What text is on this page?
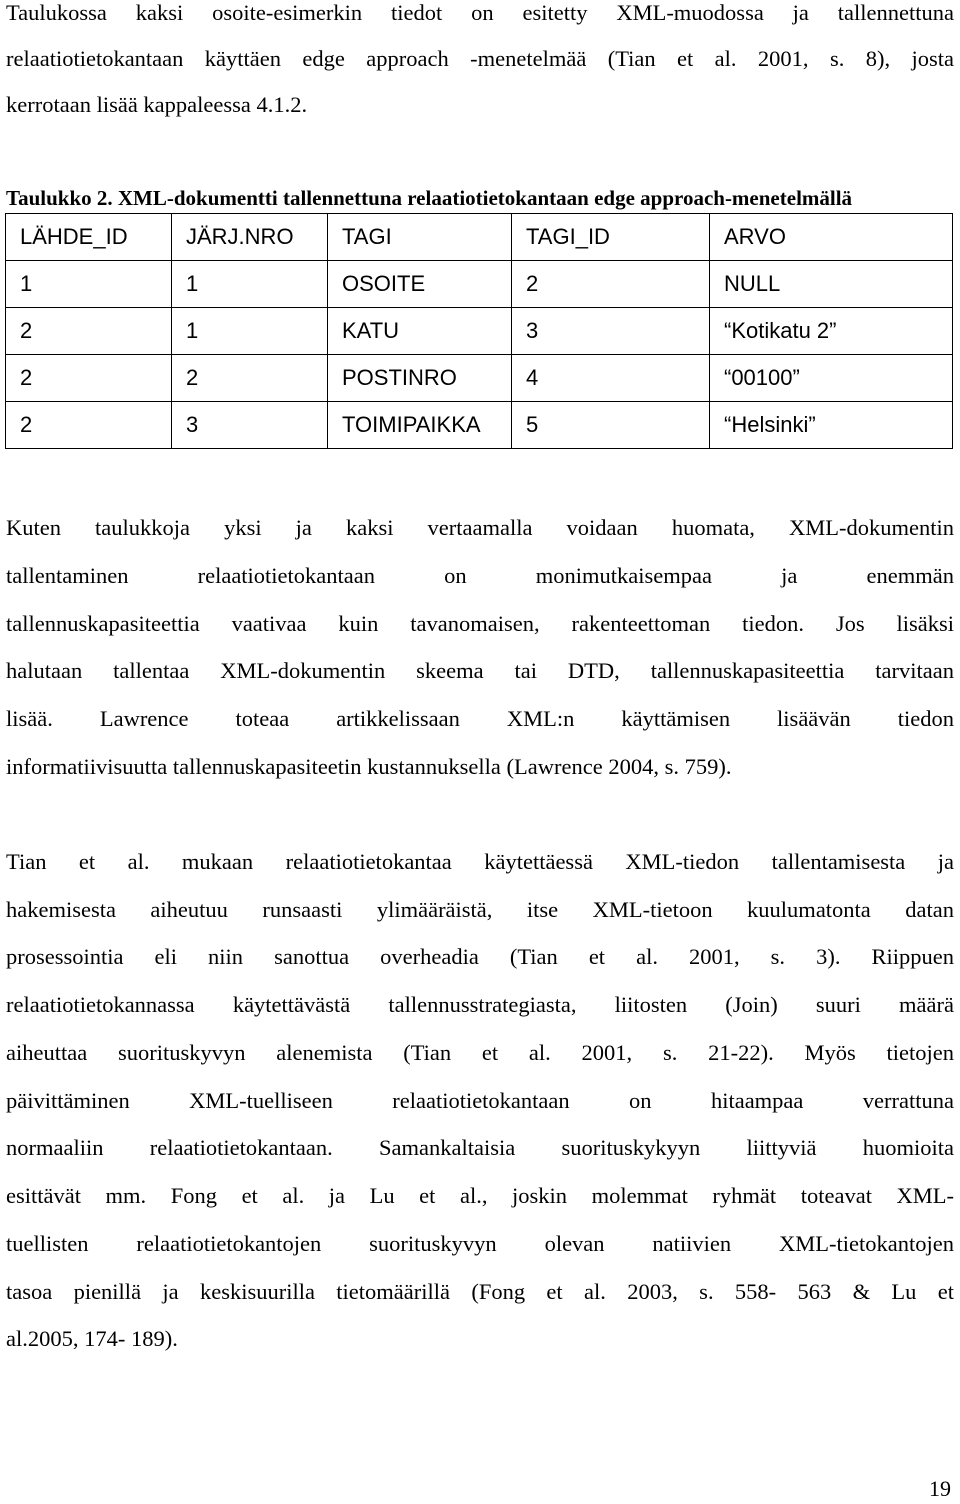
Taulukossa kaksi osoite-esimerkin tiedot on esitetty XML-muodossa ja tallennettuna
relaatiotietokantaan käyttäen edge approach -menetelmää (Tian et al. 2001, s. 8), josta
kerrotaan lisää kappaleessa 4.1.2.
Taulukko 2. XML-dokumentti tallennettuna relaatiotietokantaan edge approach-menetelmällä
LÄHDE_ID	JÄRJ.NRO	TAGI	TAGI_ID	ARVO
1	1	OSOITE	2	NULL
2	1	KATU	3	“Kotikatu 2”
2	2	POSTINRO	4	“00100”
2	3	TOIMIPAIKKA	5	“Helsinki”
Kuten taulukkoja yksi ja kaksi vertaamalla voidaan huomata, XML-dokumentin
tallentaminen relaatiotietokantaan on monimutkaisempaa ja enemmän
tallennuskapasiteettia vaativaa kuin tavanomaisen, rakenteettoman tiedon. Jos lisäksi
halutaan tallentaa XML-dokumentin skeema tai DTD, tallennuskapasiteettia tarvitaan
lisää. Lawrence toteaa artikkelissaan XML:n käyttämisen lisäävän tiedon
informatiivisuutta tallennuskapasiteetin kustannuksella (Lawrence 2004, s. 759).
Tian et al. mukaan relaatiotietokantaa käytettäessä XML-tiedon tallentamisesta ja
hakemisesta aiheutuu runsaasti ylimääräistä, itse XML-tietoon kuulumatonta datan
prosessointia eli niin sanottua overheadia (Tian et al. 2001, s. 3). Riippuen
relaatiotietokannassa käytettävästä tallennusstrategiasta, liitosten (Join) suuri määrä
aiheuttaa suorituskyvyn alenemista (Tian et al. 2001, s. 21-22). Myös tietojen
päivittäminen XML-tuelliseen relaatiotietokantaan on hitaampaa verrattuna
normaaliin relaatiotietokantaan. Samankaltaisia suorituskykyyn liittyviä huomioita
esittävät mm. Fong et al. ja Lu et al., joskin molemmat ryhmät toteavat XML-
tuellisten relaatiotietokantojen suorituskyvyn olevan natiivien XML-tietokantojen
tasoa pienillä ja keskisuurilla tietomäärillä (Fong et al. 2003, s. 558- 563 & Lu et
al.2005, 174- 189).
19
